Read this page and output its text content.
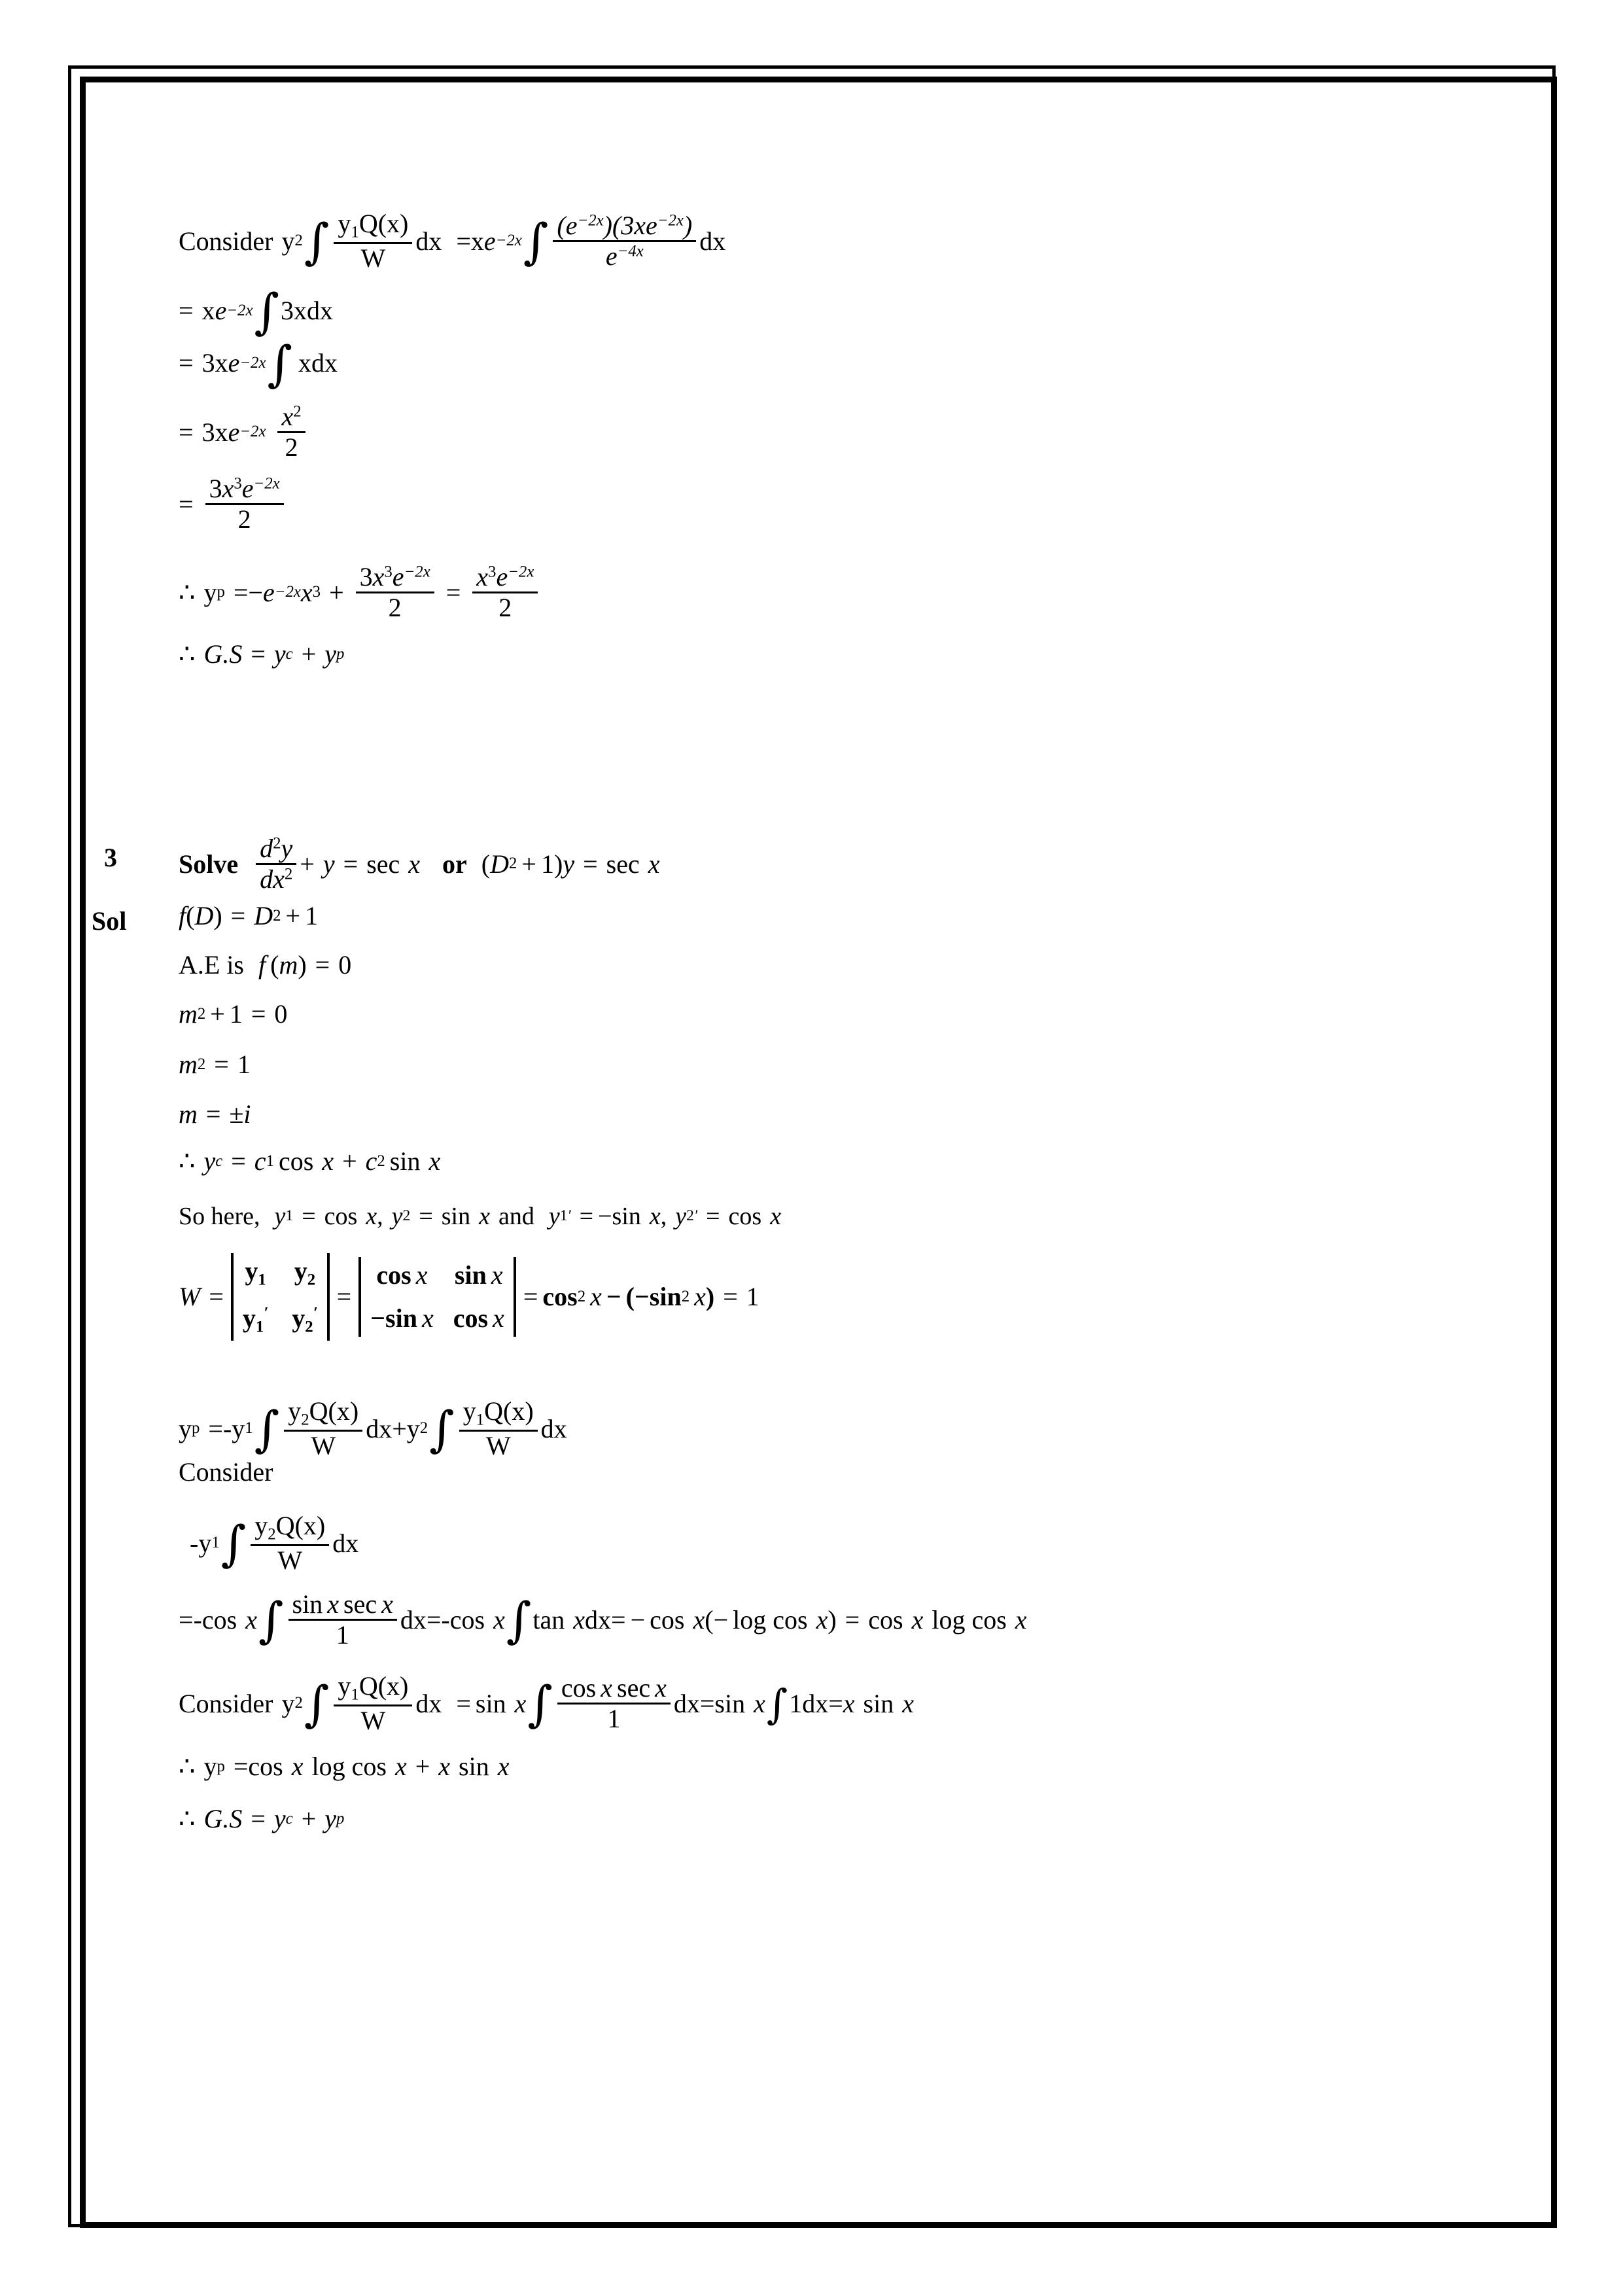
Consider y 2 ∫ $\frac{y_1Q(x)}{W}$ dx = x e −2x ∫ $\frac{(e^{-2x})(3xe^{-2x})}{e^{-4x}}$ dx
= x e −2x ∫ 3xdx
= 3x e −2x ∫ xdx
= 3x $e -2x \frac{x^2}{2}$
= $\frac{3x^3e^{-2x}}{2}$
∴ y p = − e −2x x $3 + \frac{3x^3e^{-2x}}{2} = \frac{x^3e^{-2x}}{2}$
∴ G.S = y c + y p
3
Sol
Solve $\frac{d^2y}{dx^2} + y = \sec x$ or ( D 2 + 1) y = sec x
f ( D ) = D 2 + 1
A.E is f ( m ) = 0
m 2 + 1 = 0
m 2 = 1
m = ± i
∴ y c = c 1 cos x + c 2 sin x
So here, y 1 = cos x , y 2 = sin x and y 1 ′ = − sin x , y 2 ′ = cos x
W =
$y_1$ $y_2$
$y_1'$ $y_2'$
=
cos x sin x
−sin x cos x
= cos 2 x − ( − sin 2 x ) = 1
y p = - y 1 ∫ $\frac{y_2Q(x)}{W}$ dx + y 2 ∫ $\frac{y_1Q(x)}{W}$ dx
Consider
- y 1 ∫ $\frac{y_2Q(x)}{W}$ dx
= - cos x ∫ $\frac{\text{sin x sec x}}{1}$ dx = - cos x ∫ tan x dx = − cos x ( − log cos x ) = cos x log cos x
Consider y 2 ∫ $\frac{y_1Q(x)}{W}$ dx = sin x ∫ $\frac{\text{cos x sec x}}{1}$ dx = sin x ∫ 1dx = x sin x
∴ y p = cos x log cos x + x sin x
∴ G.S = y c + y p
